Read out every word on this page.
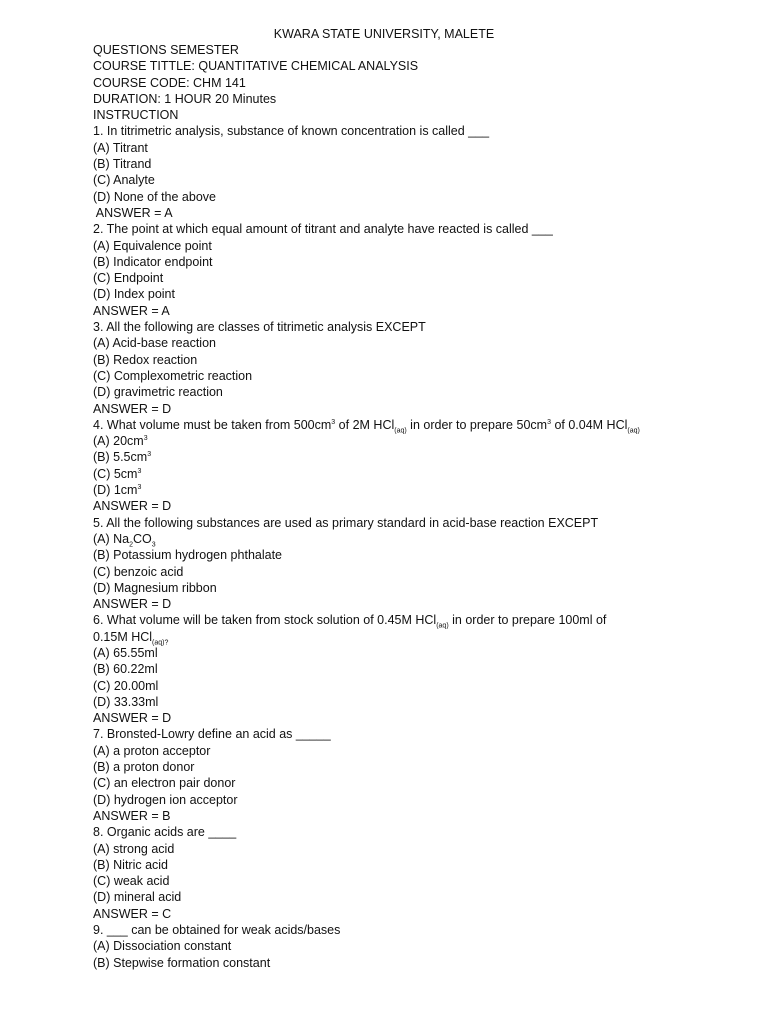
KWARA STATE UNIVERSITY, MALETE
QUESTIONS SEMESTER
COURSE TITTLE: QUANTITATIVE CHEMICAL ANALYSIS
COURSE CODE: CHM 141
DURATION: 1 HOUR 20 Minutes
INSTRUCTION
1. In titrimetric analysis, substance of known concentration is called ___
(A) Titrant
(B) Titrand
(C) Analyte
(D) None of the above
ANSWER = A
2. The point at which equal amount of titrant and analyte have reacted is called ___
(A) Equivalence point
(B) Indicator endpoint
(C) Endpoint
(D) Index point
ANSWER = A
3. All the following are classes of titrimetic analysis EXCEPT
(A) Acid-base reaction
(B) Redox reaction
(C) Complexometric reaction
(D) gravimetric reaction
ANSWER = D
4. What volume must be taken from $500cm^3$ of 2M HCl$_{(aq)}$ in order to prepare $50cm^3$ of 0.04M HCl$_{(aq)}$
(A) $20cm^3$
(B) $5.5cm^3$
(C) $5cm^3$
(D) $1cm^3$
ANSWER = D
5. All the following substances are used as primary standard in acid-base reaction EXCEPT
(A) $Na_2CO_3$
(B) Potassium hydrogen phthalate
(C) benzoic acid
(D) Magnesium ribbon
ANSWER = D
6. What volume will be taken from stock solution of 0.45M HCl$_{(aq)}$ in order to prepare 100ml of
0.15M HCl$_{(aq)?}$
(A) 65.55ml
(B) 60.22ml
(C) 20.00ml
(D) 33.33ml
ANSWER = D
7. Bronsted-Lowry define an acid as _____
(A) a proton acceptor
(B) a proton donor
(C) an electron pair donor
(D) hydrogen ion acceptor
ANSWER = B
8. Organic acids are ____
(A) strong acid
(B) Nitric acid
(C) weak acid
(D) mineral acid
ANSWER = C
9. ___ can be obtained for weak acids/bases
(A) Dissociation constant
(B) Stepwise formation constant
